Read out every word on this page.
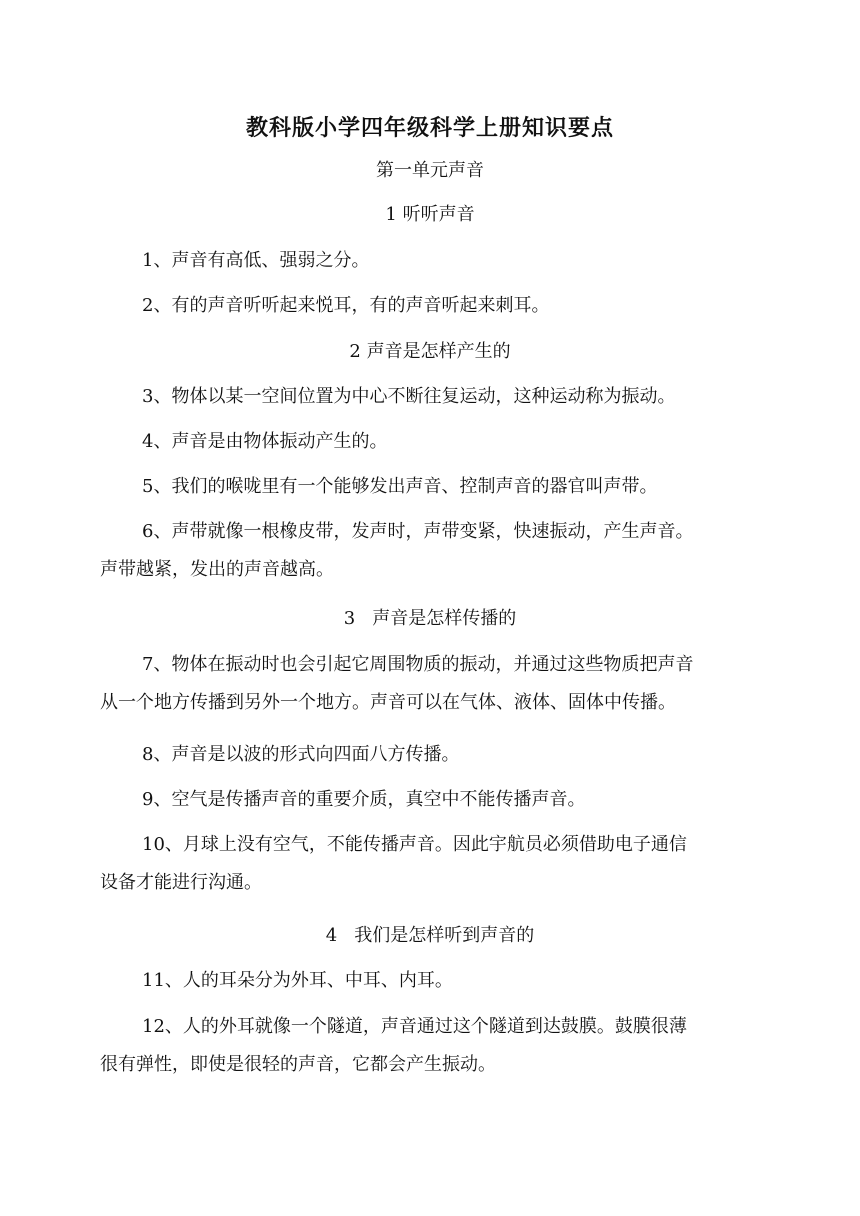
教科版小学四年级科学上册知识要点
第一单元声音
1 听听声音
1、声音有高低、强弱之分。
2、有的声音听听起来悦耳，有的声音听起来刺耳。
2 声音是怎样产生的
3、物体以某一空间位置为中心不断往复运动，这种运动称为振动。
4、声音是由物体振动产生的。
5、我们的喉咙里有一个能够发出声音、控制声音的器官叫声带。
6、声带就像一根橡皮带，发声时，声带变紧，快速振动，产生声音。
声带越紧，发出的声音越高。
3   声音是怎样传播的
7、物体在振动时也会引起它周围物质的振动，并通过这些物质把声音
从一个地方传播到另外一个地方。声音可以在气体、液体、固体中传播。
8、声音是以波的形式向四面八方传播。
9、空气是传播声音的重要介质，真空中不能传播声音。
10、月球上没有空气，不能传播声音。因此宇航员必须借助电子通信
设备才能进行沟通。
4   我们是怎样听到声音的
11、人的耳朵分为外耳、中耳、内耳。
12、人的外耳就像一个隧道，声音通过这个隧道到达鼓膜。鼓膜很薄
很有弹性，即使是很轻的声音，它都会产生振动。
